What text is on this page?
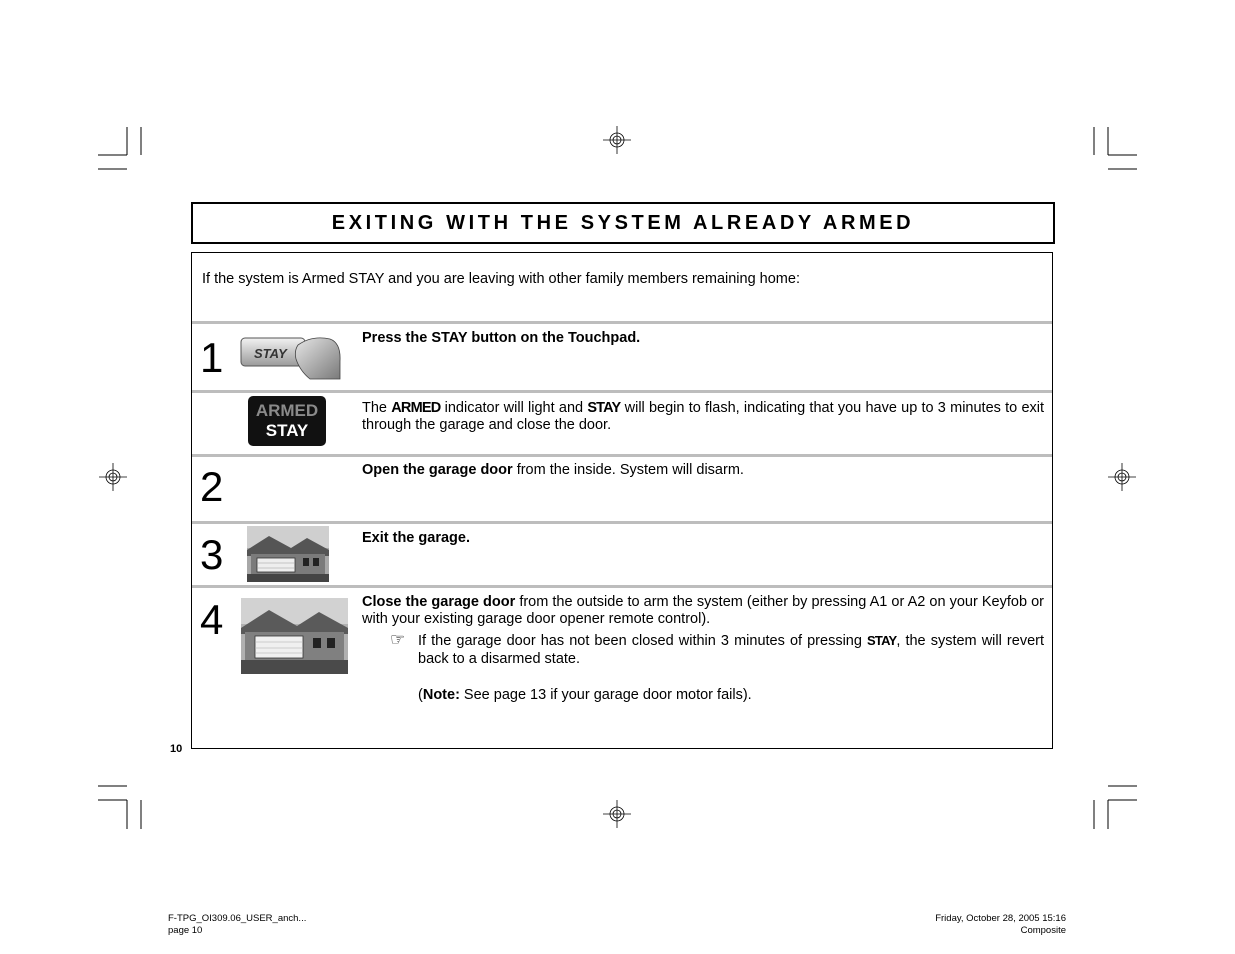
EXITING WITH THE SYSTEM ALREADY ARMED
If the system is Armed STAY and you are leaving with other family members remaining home:
1 STAY
Press the STAY button on the Touchpad.
ARMED
STAY
The ARMED indicator will light and STAY will begin to flash, indicating that you have up to 3 minutes to exit through the garage and close the door.
2	Open the garage door from the inside. System will disarm.
3	Exit the garage.
4	Close the garage door from the outside to arm the system (either by pressing A1 or A2 on your Keyfob or with your existing garage door opener remote control).
☞ If the garage door has not been closed within 3 minutes of pressing STAY, the system will revert back to a disarmed state.
(Note: See page 13 if your garage door motor fails).
10
F-TPG_OI309.06_USER_anch...
page 10
Friday, October 28, 2005 15:16
Composite
